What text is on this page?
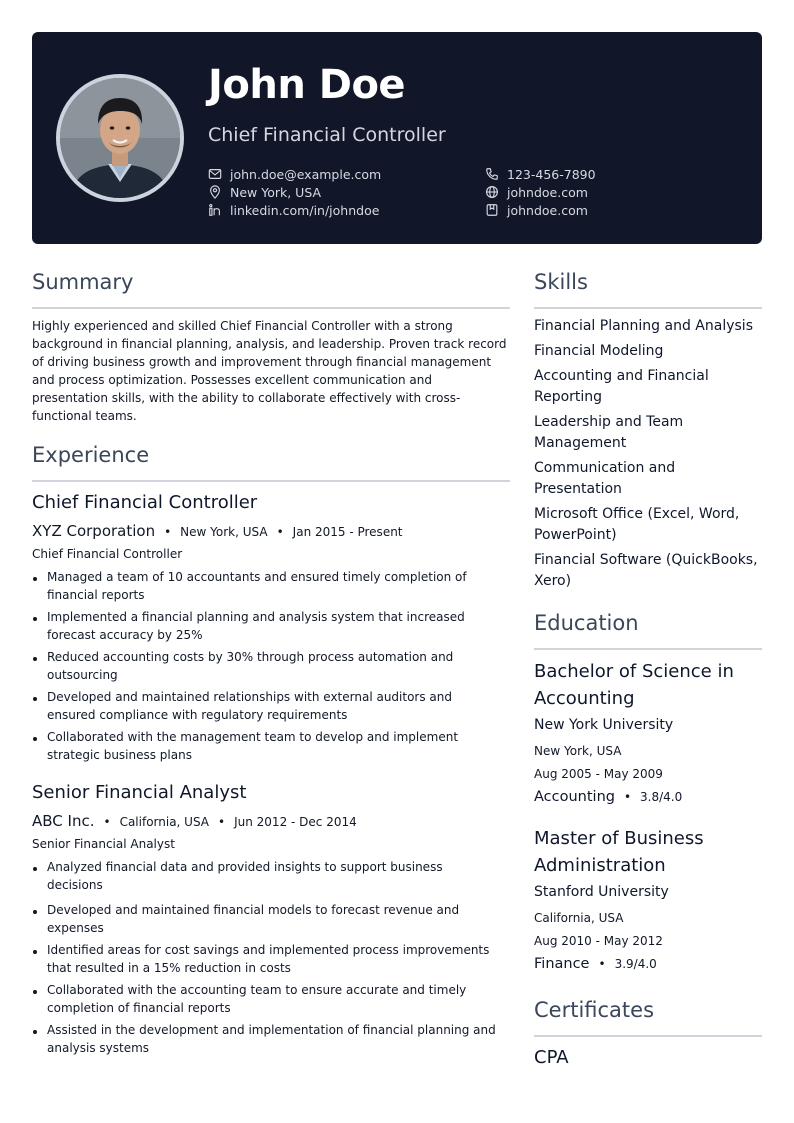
John Doe
Chief Financial Controller
john.doe@example.com
New York, USA
linkedin.com/in/johndoe
123-456-7890
johndoe.com
johndoe.com
Summary

Highly experienced and skilled Chief Financial Controller with a strong background in financial planning, analysis, and leadership. Proven track record of driving business growth and improvement through financial management and process optimization. Possesses excellent communication and presentation skills, with the ability to collaborate effectively with cross-functional teams.

Experience
Chief Financial Controller
XYZ Corporation • New York, USA • Jan 2015 - Present
Chief Financial Controller
Managed a team of 10 accountants and ensured timely completion of financial reports
Implemented a financial planning and analysis system that increased forecast accuracy by 25%
Reduced accounting costs by 30% through process automation and outsourcing
Developed and maintained relationships with external auditors and ensured compliance with regulatory requirements
Collaborated with the management team to develop and implement strategic business plans
Senior Financial Analyst
ABC Inc. • California, USA • Jun 2012 - Dec 2014
Senior Financial Analyst
Analyzed financial data and provided insights to support business decisions
Developed and maintained financial models to forecast revenue and expenses
Identified areas for cost savings and implemented process improvements that resulted in a 15% reduction in costs
Collaborated with the accounting team to ensure accurate and timely completion of financial reports
Assisted in the development and implementation of financial planning and analysis systems
Skills
Financial Planning and Analysis
Financial Modeling
Accounting and Financial Reporting
Leadership and Team Management
Communication and Presentation
Microsoft Office (Excel, Word, PowerPoint)
Financial Software (QuickBooks, Xero)
Education
Bachelor of Science in Accounting
New York University
New York, USA
Aug 2005 - May 2009
Accounting • 3.8/4.0
Master of Business Administration
Stanford University
California, USA
Aug 2010 - May 2012
Finance • 3.9/4.0
Certificates
CPA
